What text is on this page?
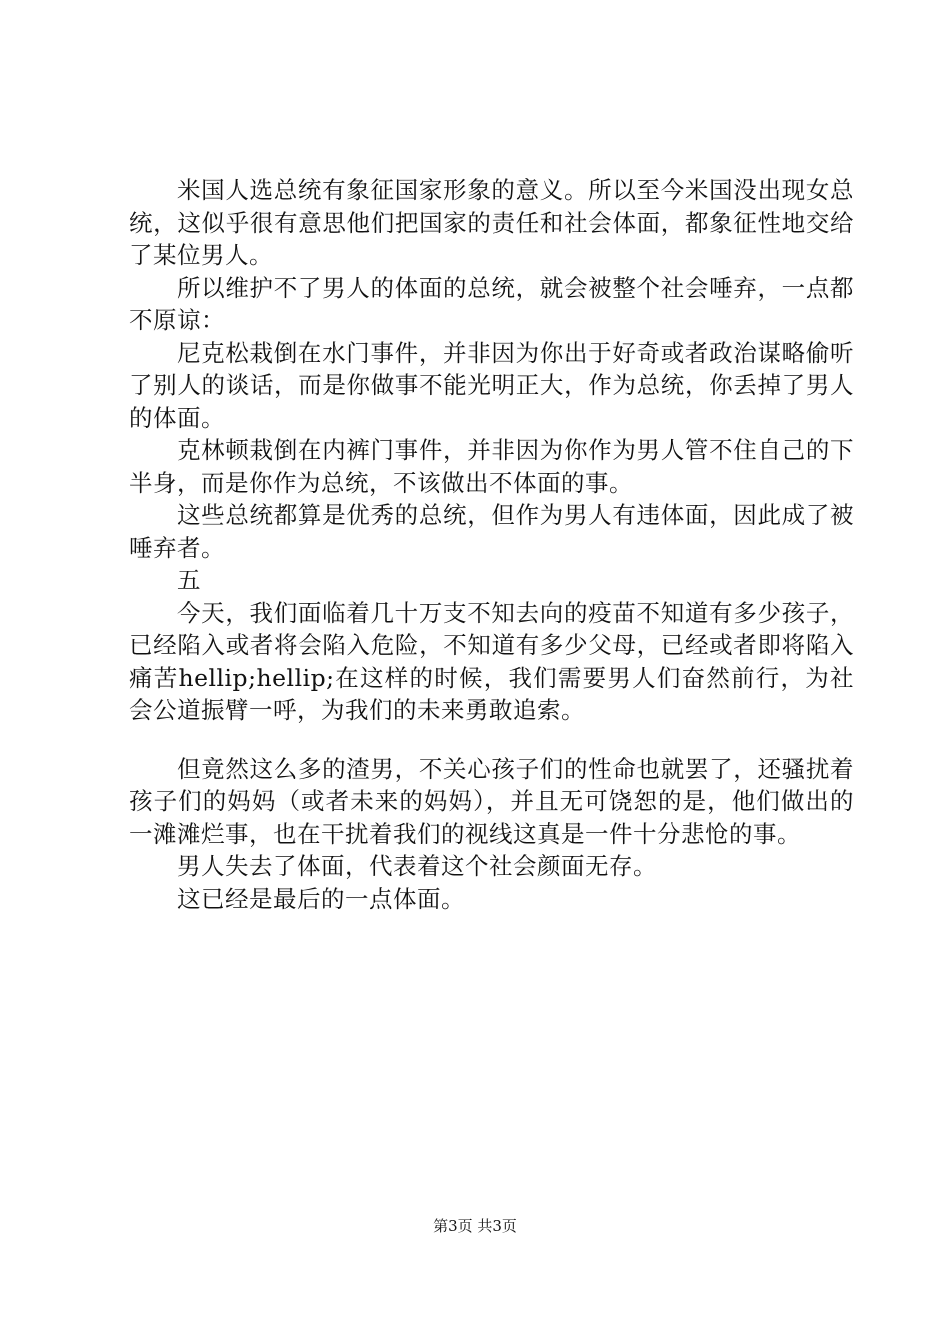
米国人选总统有象征国家形象的意义。所以至今米国没出现女总统，这似乎很有意思他们把国家的责任和社会体面，都象征性地交给了某位男人。

所以维护不了男人的体面的总统，就会被整个社会唾弃，一点都不原谅：

尼克松栽倒在水门事件，并非因为你出于好奇或者政治谋略偷听了别人的谈话，而是你做事不能光明正大，作为总统，你丢掉了男人的体面。

克林顿栽倒在内裤门事件，并非因为你作为男人管不住自己的下半身，而是你作为总统，不该做出不体面的事。

这些总统都算是优秀的总统，但作为男人有违体面，因此成了被唾弃者。

五

今天，我们面临着几十万支不知去向的疫苗不知道有多少孩子，已经陷入或者将会陷入危险，不知道有多少父母，已经或者即将陷入痛苦hellip;hellip;在这样的时候，我们需要男人们奋然前行，为社会公道振臂一呼，为我们的未来勇敢追索。

但竟然这么多的渣男，不关心孩子们的性命也就罢了，还骚扰着孩子们的妈妈（或者未来的妈妈），并且无可饶恕的是，他们做出的一滩滩烂事，也在干扰着我们的视线这真是一件十分悲怆的事。

男人失去了体面，代表着这个社会颜面无存。

这已经是最后的一点体面。

第3页 共3页
